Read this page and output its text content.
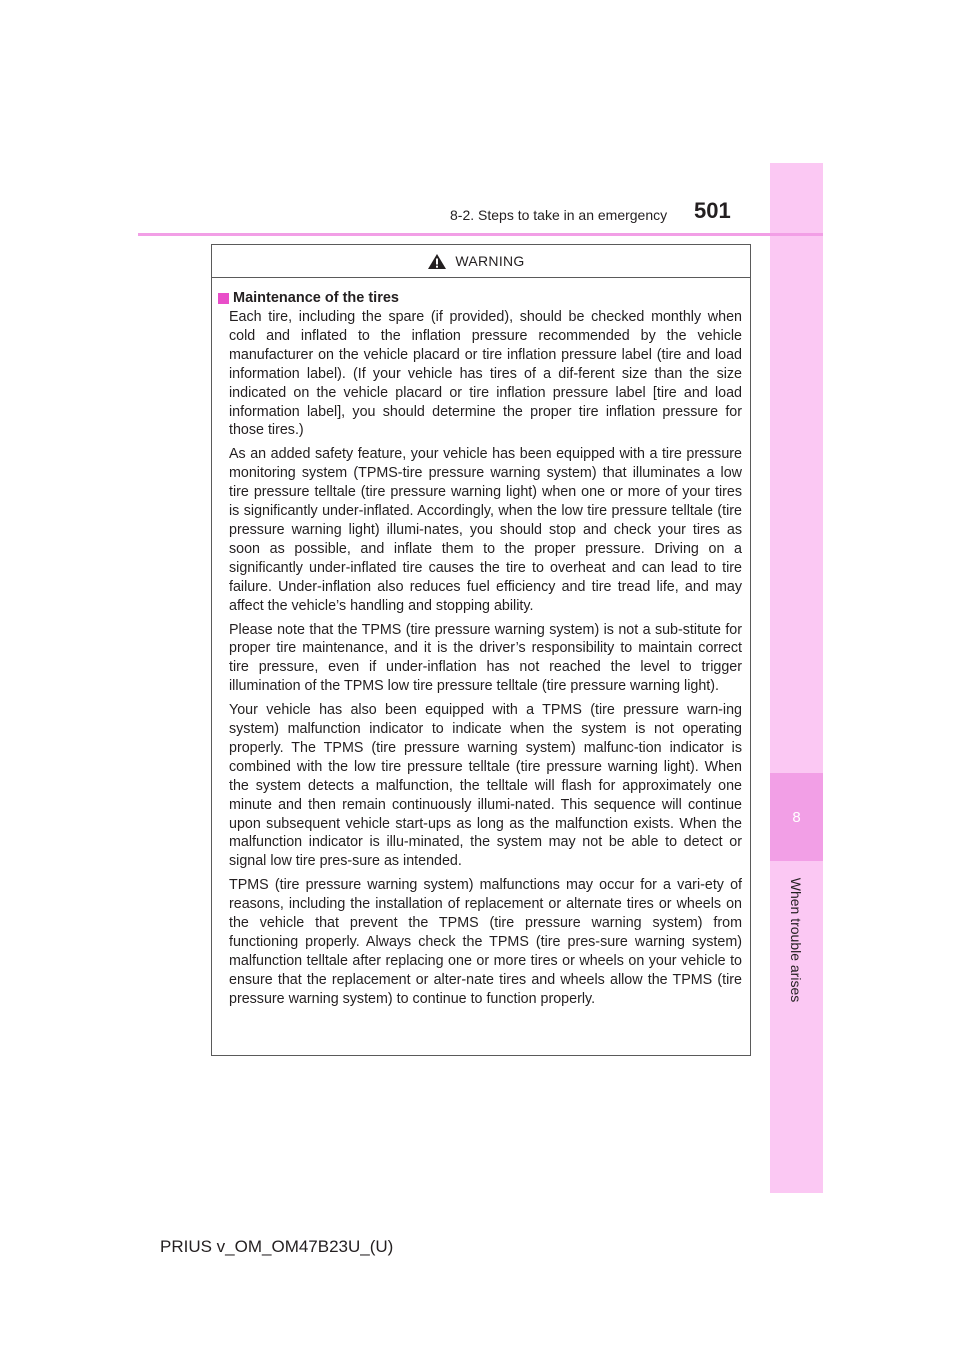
8
When trouble arises
8-2. Steps to take in an emergency 501
WARNING
Maintenance of the tires

Each tire, including the spare (if provided), should be checked monthly when cold and inflated to the inflation pressure recommended by the vehicle manufacturer on the vehicle placard or tire inflation pressure label (tire and load information label). (If your vehicle has tires of a dif-ferent size than the size indicated on the vehicle placard or tire inflation pressure label [tire and load information label], you should determine the proper tire inflation pressure for those tires.)

As an added safety feature, your vehicle has been equipped with a tire pressure monitoring system (TPMS-tire pressure warning system) that illuminates a low tire pressure telltale (tire pressure warning light) when one or more of your tires is significantly under-inflated. Accordingly, when the low tire pressure telltale (tire pressure warning light) illumi-nates, you should stop and check your tires as soon as possible, and inflate them to the proper pressure. Driving on a significantly under-inflated tire causes the tire to overheat and can lead to tire failure. Under-inflation also reduces fuel efficiency and tire tread life, and may affect the vehicle’s handling and stopping ability.

Please note that the TPMS (tire pressure warning system) is not a sub-stitute for proper tire maintenance, and it is the driver’s responsibility to maintain correct tire pressure, even if under-inflation has not reached the level to trigger illumination of the TPMS low tire pressure telltale (tire pressure warning light).

Your vehicle has also been equipped with a TPMS (tire pressure warn-ing system) malfunction indicator to indicate when the system is not operating properly. The TPMS (tire pressure warning system) malfunc-tion indicator is combined with the low tire pressure telltale (tire pressure warning light). When the system detects a malfunction, the telltale will flash for approximately one minute and then remain continuously illumi-nated. This sequence will continue upon subsequent vehicle start-ups as long as the malfunction exists. When the malfunction indicator is illu-minated, the system may not be able to detect or signal low tire pres-sure as intended.

TPMS (tire pressure warning system) malfunctions may occur for a vari-ety of reasons, including the installation of replacement or alternate tires or wheels on the vehicle that prevent the TPMS (tire pressure warning system) from functioning properly. Always check the TPMS (tire pres-sure warning system) malfunction telltale after replacing one or more tires or wheels on your vehicle to ensure that the replacement or alter-nate tires and wheels allow the TPMS (tire pressure warning system) to continue to function properly.

PRIUS v_OM_OM47B23U_(U)
